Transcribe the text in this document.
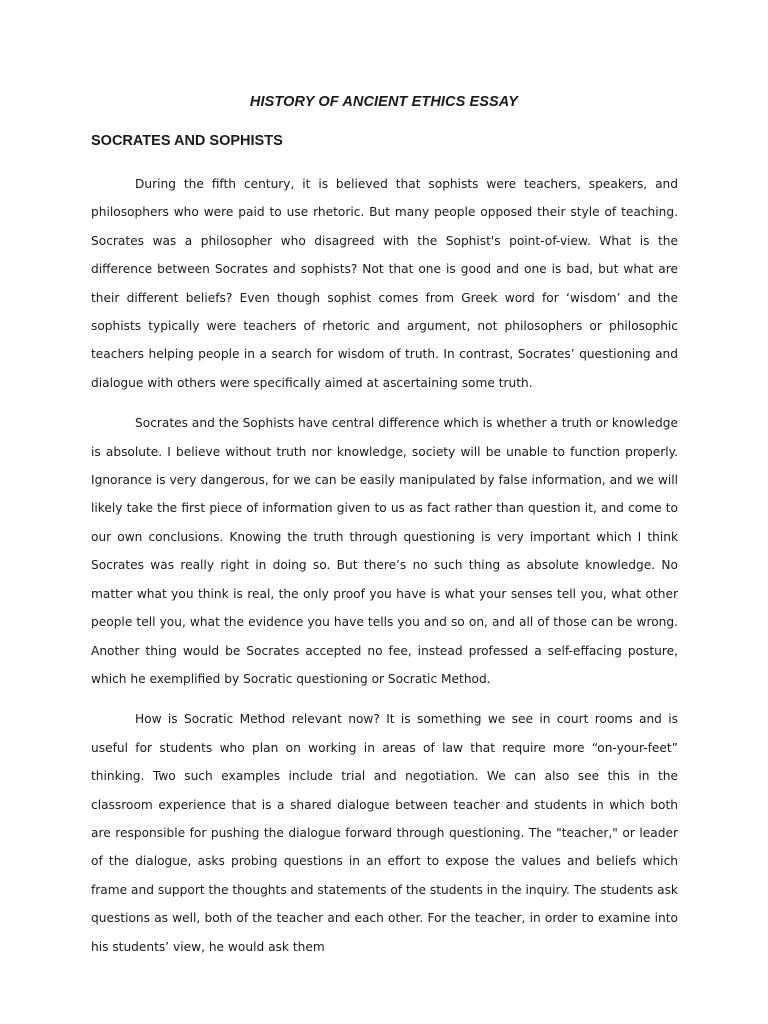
HISTORY OF ANCIENT ETHICS ESSAY
SOCRATES AND SOPHISTS

During the fifth century, it is believed that sophists were teachers, speakers, and philosophers who were paid to use rhetoric. But many people opposed their style of teaching. Socrates was a philosopher who disagreed with the Sophist's point-of-view. What is the difference between Socrates and sophists? Not that one is good and one is bad, but what are their different beliefs? Even though sophist comes from Greek word for ‘wisdom’ and the sophists typically were teachers of rhetoric and argument, not philosophers or philosophic teachers helping people in a search for wisdom of truth. In contrast, Socrates’ questioning and dialogue with others were specifically aimed at ascertaining some truth.

Socrates and the Sophists have central difference which is whether a truth or knowledge is absolute. I believe without truth nor knowledge, society will be unable to function properly. Ignorance is very dangerous, for we can be easily manipulated by false information, and we will likely take the first piece of information given to us as fact rather than question it, and come to our own conclusions. Knowing the truth through questioning is very important which I think Socrates was really right in doing so. But there’s no such thing as absolute knowledge. No matter what you think is real, the only proof you have is what your senses tell you, what other people tell you, what the evidence you have tells you and so on, and all of those can be wrong. Another thing would be Socrates accepted no fee, instead professed a self-effacing posture, which he exemplified by Socratic questioning or Socratic Method.

How is Socratic Method relevant now? It is something we see in court rooms and is useful for students who plan on working in areas of law that require more “on-your-feet” thinking. Two such examples include trial and negotiation. We can also see this in the classroom experience that is a shared dialogue between teacher and students in which both are responsible for pushing the dialogue forward through questioning. The "teacher," or leader of the dialogue, asks probing questions in an effort to expose the values and beliefs which frame and support the thoughts and statements of the students in the inquiry. The students ask questions as well, both of the teacher and each other. For the teacher, in order to examine into his students’ view, he would ask them
